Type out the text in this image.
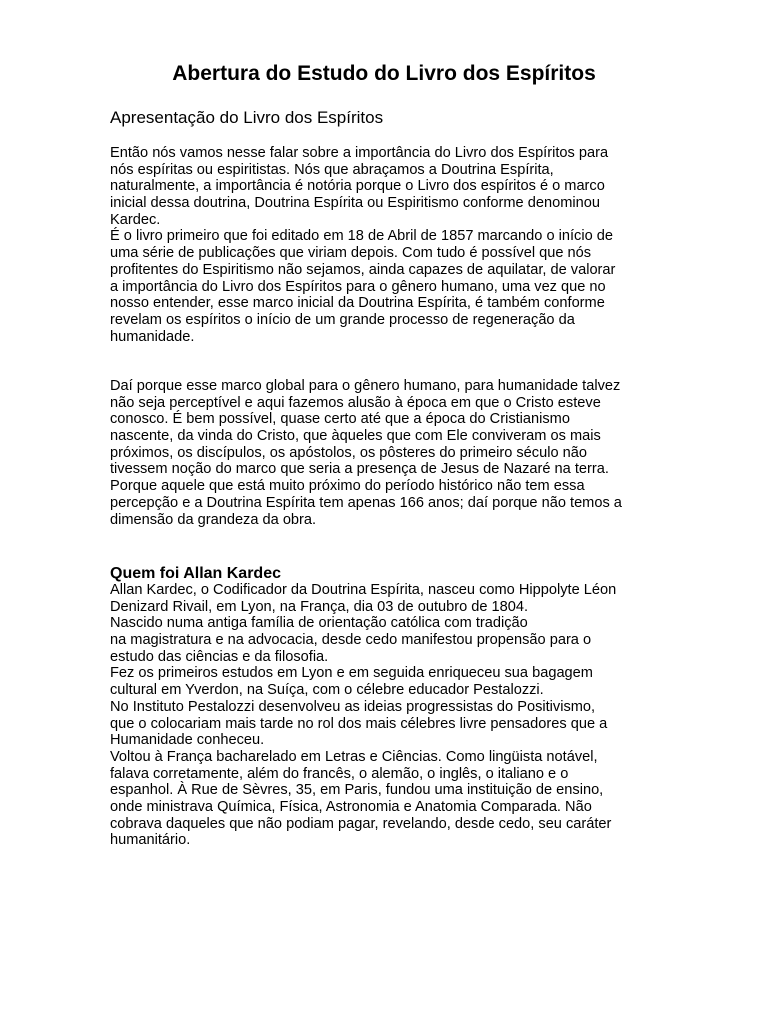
Abertura do Estudo do Livro dos Espíritos
Apresentação do Livro dos Espíritos
Então nós vamos nesse falar sobre a importância do Livro dos Espíritos para
nós espíritas ou espiritistas. Nós que abraçamos a Doutrina Espírita,
naturalmente, a importância é notória porque o Livro dos espíritos é o marco
inicial dessa doutrina, Doutrina Espírita ou Espiritismo conforme denominou
Kardec.
É o livro primeiro que foi editado em 18 de Abril de 1857 marcando o início de
uma série de publicações que viriam depois. Com tudo é possível que nós
profitentes do Espiritismo não sejamos, ainda capazes de aquilatar, de valorar
a importância do Livro dos Espíritos para o gênero humano, uma vez que no
nosso entender, esse marco inicial da Doutrina Espírita, é também conforme
revelam os espíritos o início de um grande processo de regeneração da
humanidade.
Daí porque esse marco global para o gênero humano, para humanidade talvez
não seja perceptível e aqui fazemos alusão à época em que o Cristo esteve
conosco. É bem possível, quase certo até que a época do Cristianismo
nascente, da vinda do Cristo, que àqueles que com Ele conviveram os mais
próximos, os discípulos, os apóstolos, os pôsteres do primeiro século não
tivessem noção do marco que seria a presença de Jesus de Nazaré na terra.
Porque aquele que está muito próximo do período histórico não tem essa
percepção e a Doutrina Espírita tem apenas 166 anos; daí porque não temos a
dimensão da grandeza da obra.
Quem foi Allan Kardec
Allan Kardec, o Codificador da Doutrina Espírita, nasceu como Hippolyte Léon
Denizard Rivail, em Lyon, na França, dia 03 de outubro de 1804.
Nascido numa antiga família de orientação católica com tradição
na magistratura e na advocacia, desde cedo manifestou propensão para o
estudo das ciências e da filosofia.
Fez os primeiros estudos em Lyon e em seguida enriqueceu sua bagagem
cultural em Yverdon, na Suíça, com o célebre educador Pestalozzi.
No Instituto Pestalozzi desenvolveu as ideias progressistas do Positivismo,
que o colocariam mais tarde no rol dos mais célebres livre pensadores que a
Humanidade conheceu.
Voltou à França bacharelado em Letras e Ciências. Como lingüista notável,
falava corretamente, além do francês, o alemão, o inglês, o italiano e o
espanhol. À Rue de Sèvres, 35, em Paris, fundou uma instituição de ensino,
onde ministrava Química, Física, Astronomia e Anatomia Comparada. Não
cobrava daqueles que não podiam pagar, revelando, desde cedo, seu caráter
humanitário.
